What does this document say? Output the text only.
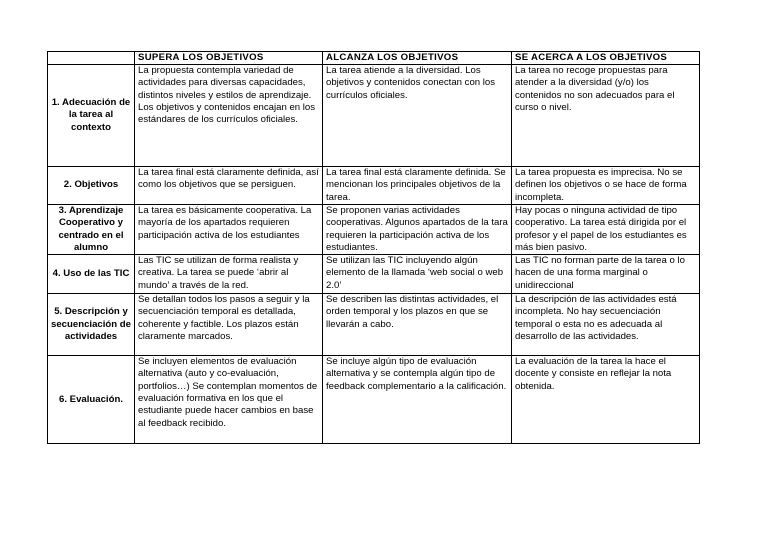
	SUPERA LOS OBJETIVOS	ALCANZA LOS OBJETIVOS	SE ACERCA A LOS OBJETIVOS
1. Adecuación de la tarea al contexto	La propuesta contempla variedad de actividades para diversas capacidades, distintos niveles y estilos de aprendizaje. Los objetivos y contenidos encajan en los estándares de los currículos oficiales.	La tarea atiende a la diversidad. Los objetivos y contenidos conectan con los currículos oficiales.	La tarea no recoge propuestas para atender a la diversidad (y/o) los contenidos no son adecuados para el curso o nivel.
2. Objetivos	La tarea final está claramente definida, así como los objetivos que se persiguen.	La tarea final está claramente definida. Se mencionan los principales objetivos de la tarea.	La tarea propuesta es imprecisa. No se definen los objetivos o se hace de forma incompleta.
3. Aprendizaje Cooperativo y centrado en el alumno	La tarea es básicamente cooperativa. La mayoría de los apartados requieren participación activa de los estudiantes	Se proponen varias actividades cooperativas. Algunos apartados de la tara requieren la participación activa de los estudiantes.	Hay pocas o ninguna actividad de tipo cooperativo. La tarea está dirigida por el profesor y el papel de los estudiantes es más bien pasivo.
4. Uso de las TIC	Las TIC se utilizan de forma realista y creativa. La tarea se puede ‘abrir al mundo’ a través de la red.	Se utilizan las TIC incluyendo algún elemento de la llamada ‘web social o web 2.0’	Las TIC no forman parte de la tarea o lo hacen de una forma marginal o unidireccional
5. Descripción y secuenciación de actividades	Se detallan todos los pasos a seguir y la secuenciación temporal es detallada, coherente y factible. Los plazos están claramente marcados.	Se describen las distintas actividades, el orden temporal y los plazos en que se llevarán a cabo.	La descripción de las actividades está incompleta. No hay secuenciación temporal o esta no es adecuada al desarrollo de las actividades.
6. Evaluación.	Se incluyen elementos de evaluación alternativa (auto y co-evaluación, portfolios…) Se contemplan momentos de evaluación formativa en los que el estudiante puede hacer cambios en base al feedback recibido.	Se incluye algún tipo de evaluación alternativa y se contempla algún tipo de feedback complementario a la calificación.	La evaluación de la tarea la hace el docente y consiste en reflejar la nota obtenida.
